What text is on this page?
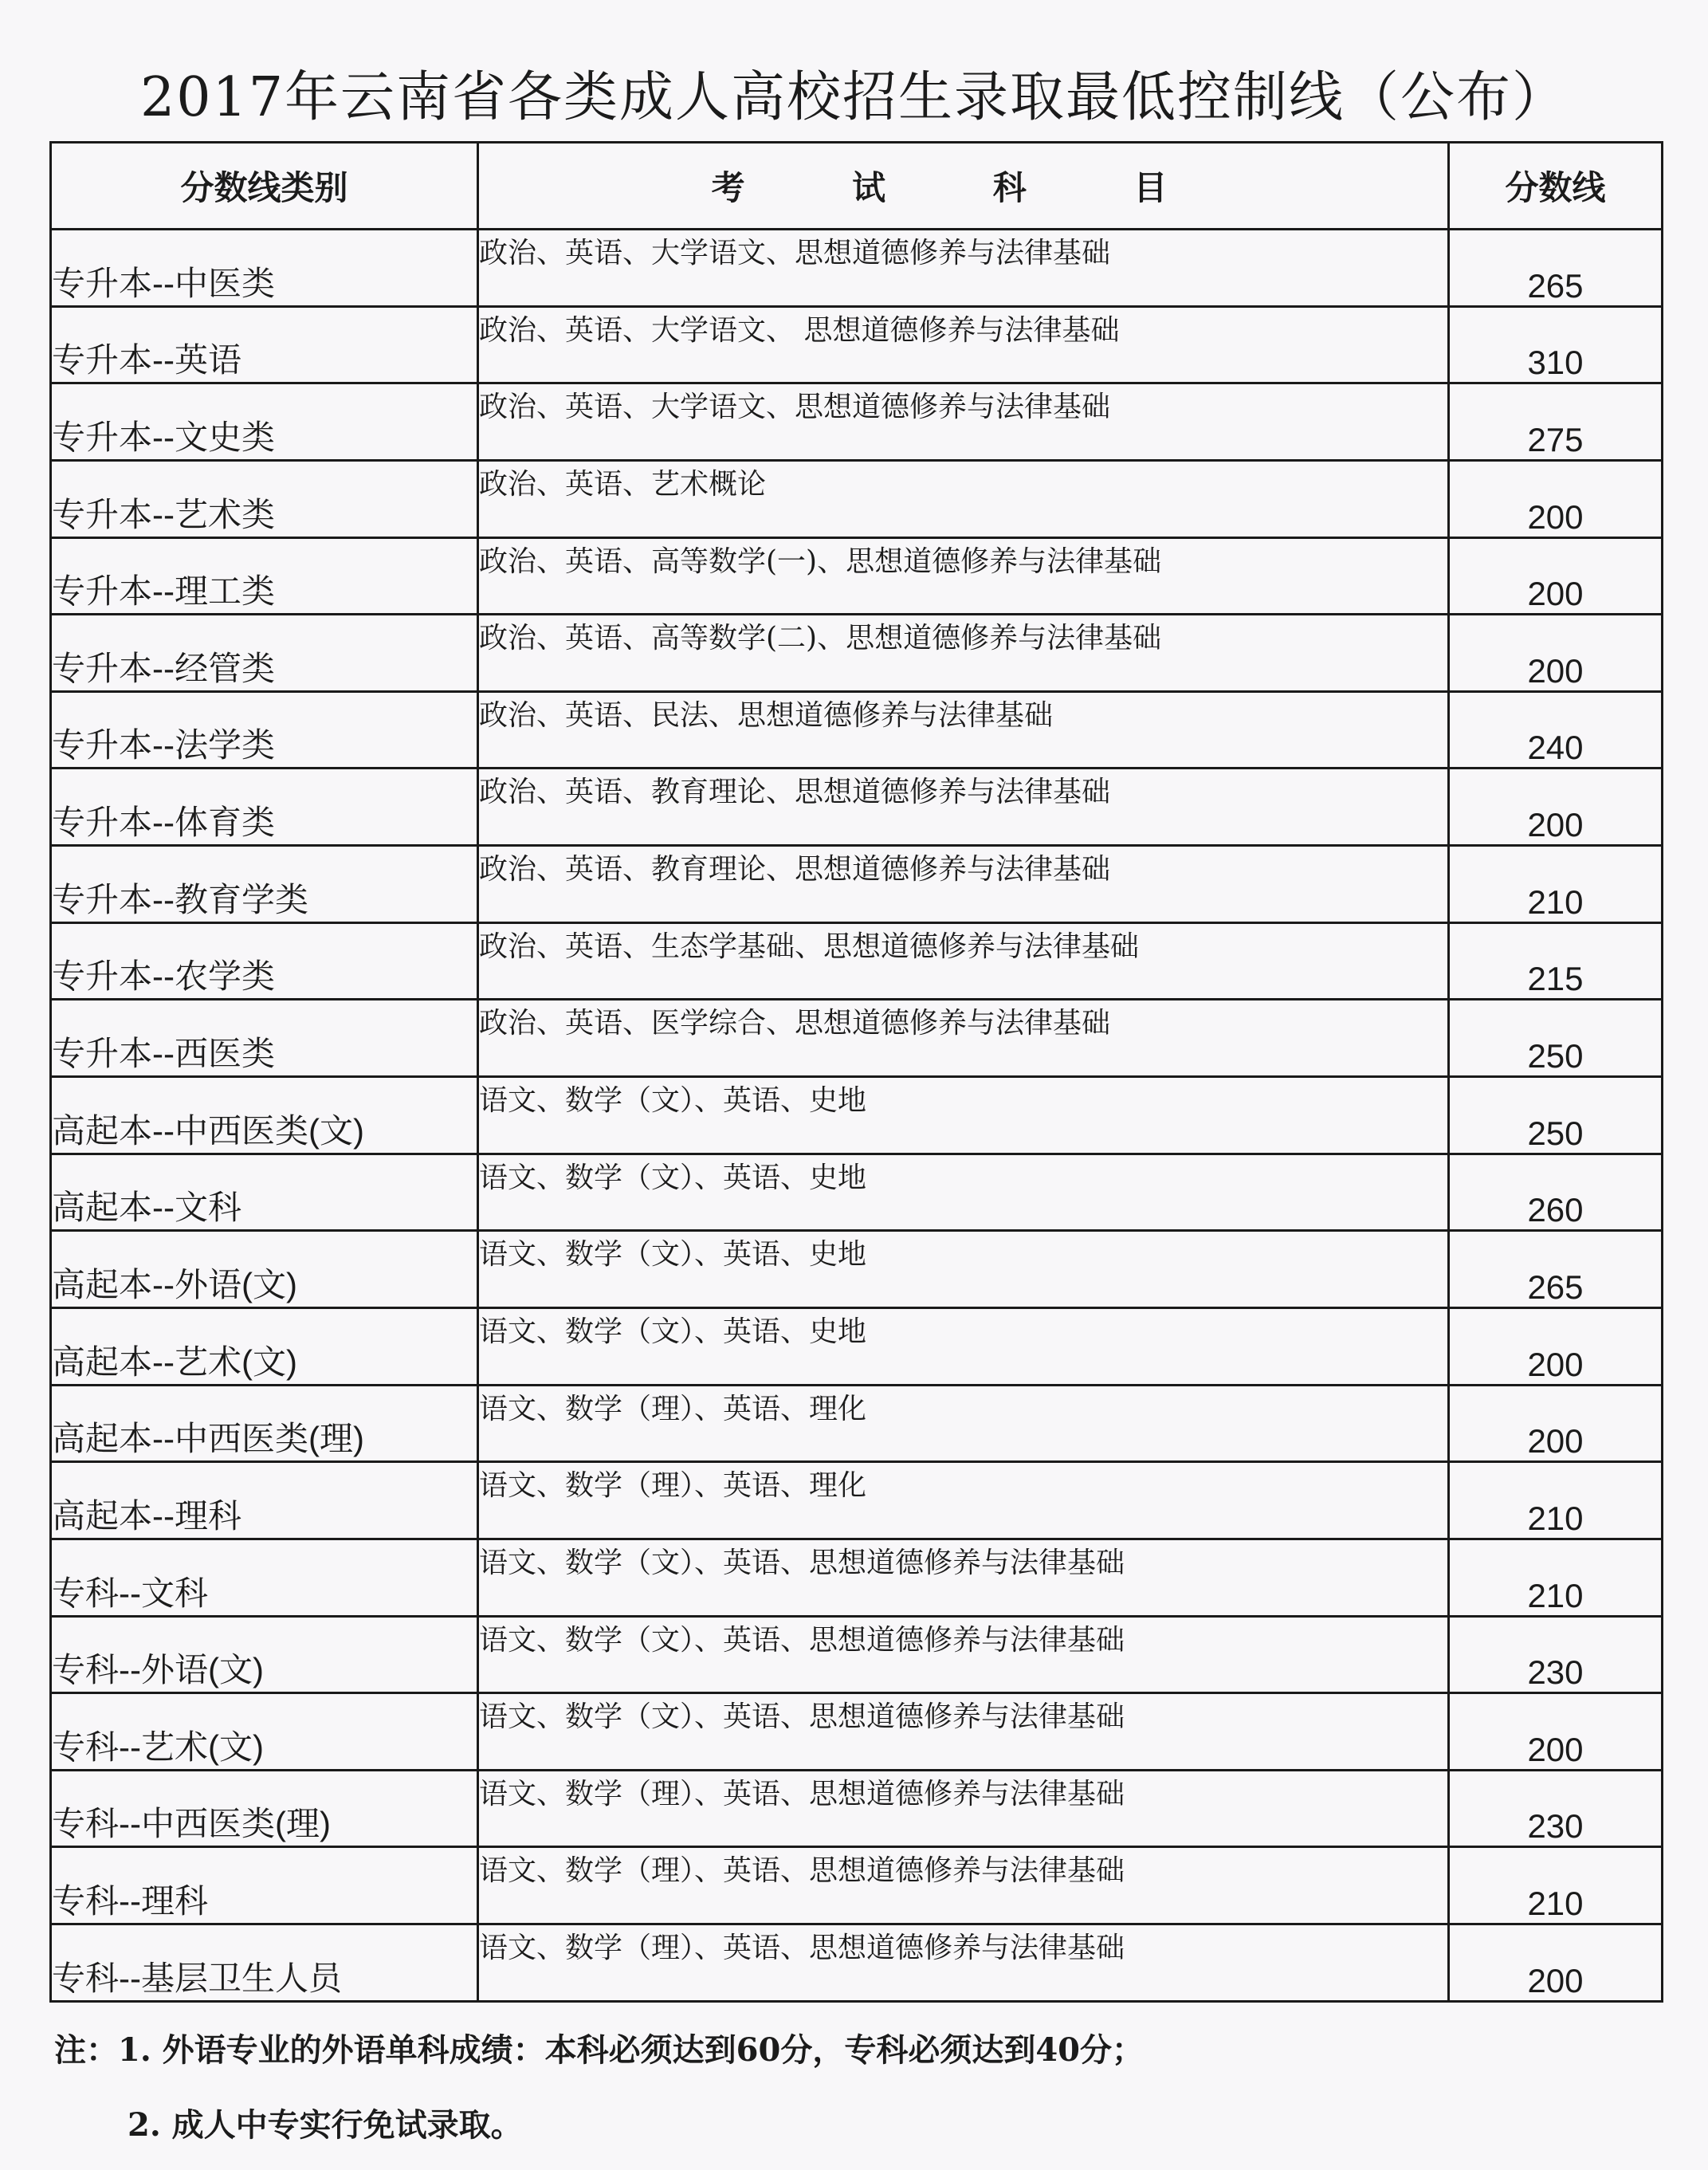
2017年云南省各类成人高校招生录取最低控制线（公布）
分数线类别	考 试 科 目	分数线
专升本--中医类	政治、英语、大学语文、思想道德修养与法律基础	265
专升本--英语	政治、英语、大学语文、 思想道德修养与法律基础	310
专升本--文史类	政治、英语、大学语文、思想道德修养与法律基础	275
专升本--艺术类	政治、英语、艺术概论	200
专升本--理工类	政治、英语、高等数学(一)、思想道德修养与法律基础	200
专升本--经管类	政治、英语、高等数学(二)、思想道德修养与法律基础	200
专升本--法学类	政治、英语、民法、思想道德修养与法律基础	240
专升本--体育类	政治、英语、教育理论、思想道德修养与法律基础	200
专升本--教育学类	政治、英语、教育理论、思想道德修养与法律基础	210
专升本--农学类	政治、英语、生态学基础、思想道德修养与法律基础	215
专升本--西医类	政治、英语、医学综合、思想道德修养与法律基础	250
高起本--中西医类(文)	语文、数学（文）、英语、史地	250
高起本--文科	语文、数学（文）、英语、史地	260
高起本--外语(文)	语文、数学（文）、英语、史地	265
高起本--艺术(文)	语文、数学（文）、英语、史地	200
高起本--中西医类(理)	语文、数学（理）、英语、理化	200
高起本--理科	语文、数学（理）、英语、理化	210
专科--文科	语文、数学（文）、英语、思想道德修养与法律基础	210
专科--外语(文)	语文、数学（文）、英语、思想道德修养与法律基础	230
专科--艺术(文)	语文、数学（文）、英语、思想道德修养与法律基础	200
专科--中西医类(理)	语文、数学（理）、英语、思想道德修养与法律基础	230
专科--理科	语文、数学（理）、英语、思想道德修养与法律基础	210
专科--基层卫生人员	语文、数学（理）、英语、思想道德修养与法律基础	200
注：1. 外语专业的外语单科成绩：本科必须达到60分，专科必须达到40分；
2. 成人中专实行免试录取。
